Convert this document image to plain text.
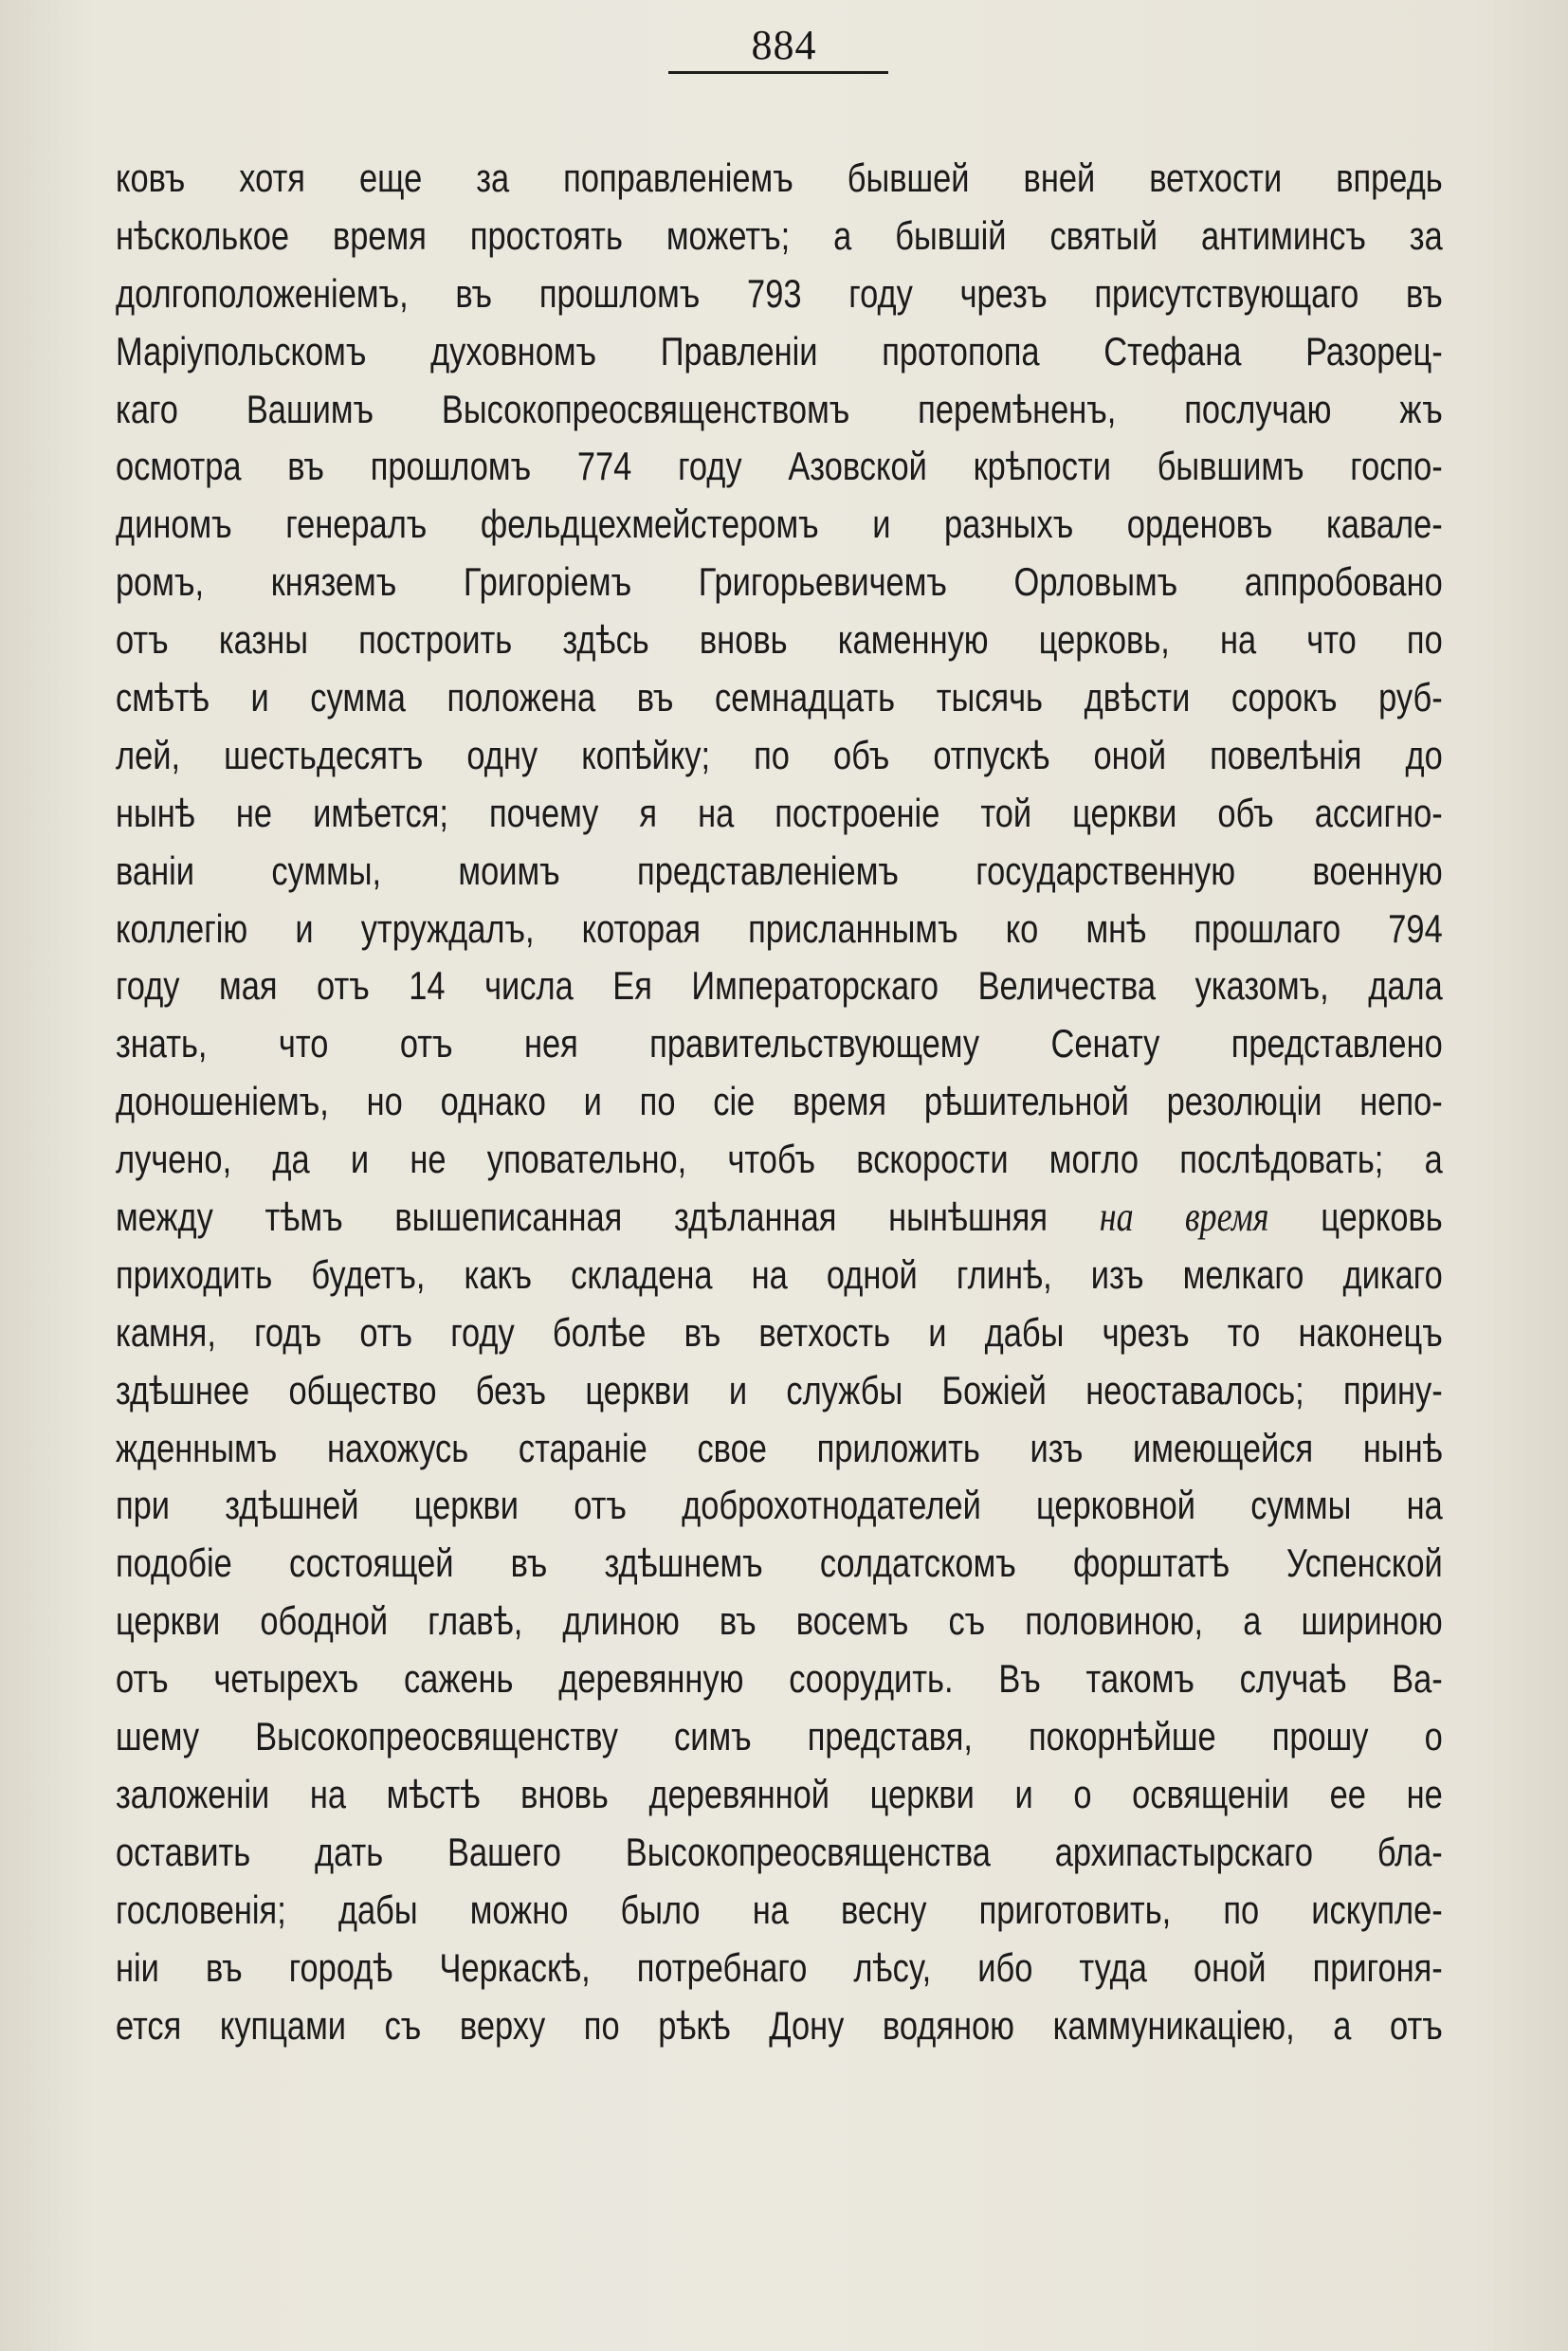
884
ковъ хотя еще за поправленіемъ бывшей вней ветхости впредь
нѣсколькое время простоять можетъ; а бывшій святый антиминсъ за
долгоположеніемъ, въ прошломъ 793 году чрезъ присутствующаго въ
Маріупольскомъ духовномъ Правленіи протопопа Стефана Разорец-
каго Вашимъ Высокопреосвященствомъ перемѣненъ, послучаю жъ
осмотра въ прошломъ 774 году Азовской крѣпости бывшимъ госпо-
диномъ генералъ фельдцехмейстеромъ и разныхъ орденовъ кавале-
ромъ, княземъ Григоріемъ Григорьевичемъ Орловымъ аппробовано
отъ казны построить здѣсь вновь каменную церковь, на что по
смѣтѣ и сумма положена въ семнадцать тысячь двѣсти сорокъ руб-
лей, шестьдесятъ одну копѣйку; по объ отпускѣ оной повелѣнія до
нынѣ не имѣется; почему я на построеніе той церкви объ ассигно-
ваніи суммы, моимъ представленіемъ государственную военную
коллегію и утруждалъ, которая присланнымъ ко мнѣ прошлаго 794
году мая отъ 14 числа Ея Императорскаго Величества указомъ, дала
знать, что отъ нея правительствующему Сенату представлено
доношеніемъ, но однако и по сіе время рѣшительной резолюціи непо-
лучено, да и не уповательно, чтобъ вскорости могло послѣдовать; а
между тѣмъ вышеписанная здѣланная нынѣшняя на время церковь
приходить будетъ, какъ складена на одной глинѣ, изъ мелкаго дикаго
камня, годъ отъ году болѣе въ ветхость и дабы чрезъ то наконецъ
здѣшнее общество безъ церкви и службы Божіей неоставалось; прину-
жденнымъ нахожусь стараніе свое приложить изъ имеющейся нынѣ
при здѣшней церкви отъ доброхотнодателей церковной суммы на
подобіе состоящей въ здѣшнемъ солдатскомъ форштатѣ Успенской
церкви ободной главѣ, длиною въ восемъ съ половиною, а шириною
отъ четырехъ сажень деревянную соорудить. Въ такомъ случаѣ Ва-
шему Высокопреосвященству симъ представя, покорнѣйше прошу о
заложеніи на мѣстѣ вновь деревянной церкви и о освященіи ее не
оставить дать Вашего Высокопреосвященства архипастырскаго бла-
гословенія; дабы можно было на весну приготовить, по искупле-
ніи въ городѣ Черкаскѣ, потребнаго лѣсу, ибо туда оной пригоня-
ется купцами съ верху по рѣкѣ Дону водяною каммуникаціею, а отъ
